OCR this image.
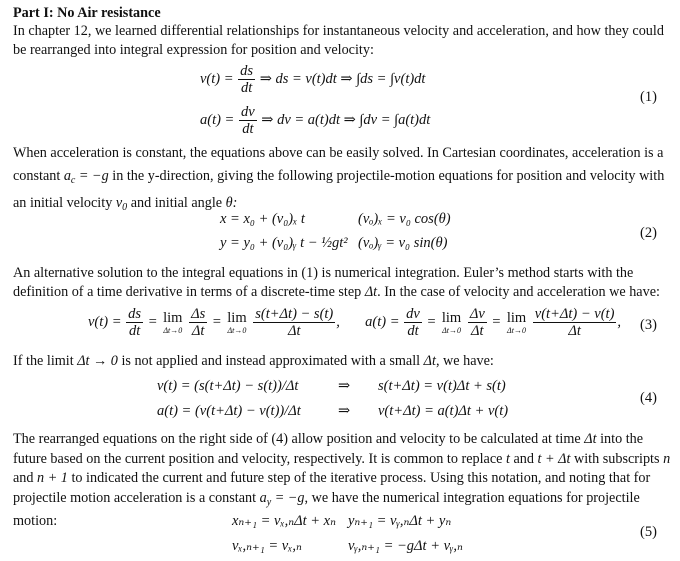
Part I: No Air resistance
In chapter 12, we learned differential relationships for instantaneous velocity and acceleration, and how they could be rearranged into integral expression for position and velocity:
$v(t) = \frac{ds}{dt}$ ⇒ ds = v(t)dt ⇒ ∫ds = ∫v(t)dt
$a(t) = \frac{dv}{dt}$ ⇒ dv = a(t)dt ⇒ ∫dv = ∫a(t)dt
(1)
When acceleration is constant, the equations above can be easily solved. In Cartesian coordinates, acceleration is a constant $a_c = -g$ in the y-direction, giving the following projectile-motion equations for position and velocity with an initial velocity $v_0$ and initial angle θ:
x = x₀ + (v₀)ₓ t	(vₒ)ₓ = v₀ cos(θ)
y = y₀ + (v₀)ᵧ t − ½gt² (vₒ)ᵧ = v₀ sin(θ)
(2)
An alternative solution to the integral equations in (1) is numerical integration. Euler’s method starts with the definition of a time derivative in terms of a discrete-time step Δt. In the case of velocity and acceleration we have:
$v(t) = \frac{ds}{dt} = \lim$
Δt→0
$\frac{\Delta s}{\Delta t} = \lim$
Δt→0
$\frac{s(t+\Delta t) - s(t)}{\Delta t}$ ,  $a(t) = \frac{dv}{dt} = \lim$
Δt→0
$\frac{\Delta v}{\Delta t} = \lim$
Δt→0
$\frac{v(t+\Delta t) - v(t)}{\Delta t}$ , (3)
If the limit Δt → 0 is not applied and instead approximated with a small Δt, we have:
v(t) = (s(t+Δt) − s(t))/Δt	⇒ s(t+Δt) = v(t)Δt + s(t)
a(t) = (v(t+Δt) − v(t))/Δt	⇒ v(t+Δt) = a(t)Δt + v(t)
(4)
The rearranged equations on the right side of (4) allow position and velocity to be calculated at time Δt into the future based on the current position and velocity, respectively. It is common to replace t and t + Δt with subscripts n and n + 1 to indicated the current and future step of the iterative process. Using this notation, and noting that for projectile motion acceleration is a constant $a_y = -g$, we have the numerical integration equations for projectile motion:	xₙ₊₁ = vₓ,ₙΔt + xₙ yₙ₊₁ = vᵧ,ₙΔt + yₙ
vₓ,ₙ₊₁ = vₓ,ₙ	vᵧ,ₙ₊₁ = −gΔt + vᵧ,ₙ
(5)
